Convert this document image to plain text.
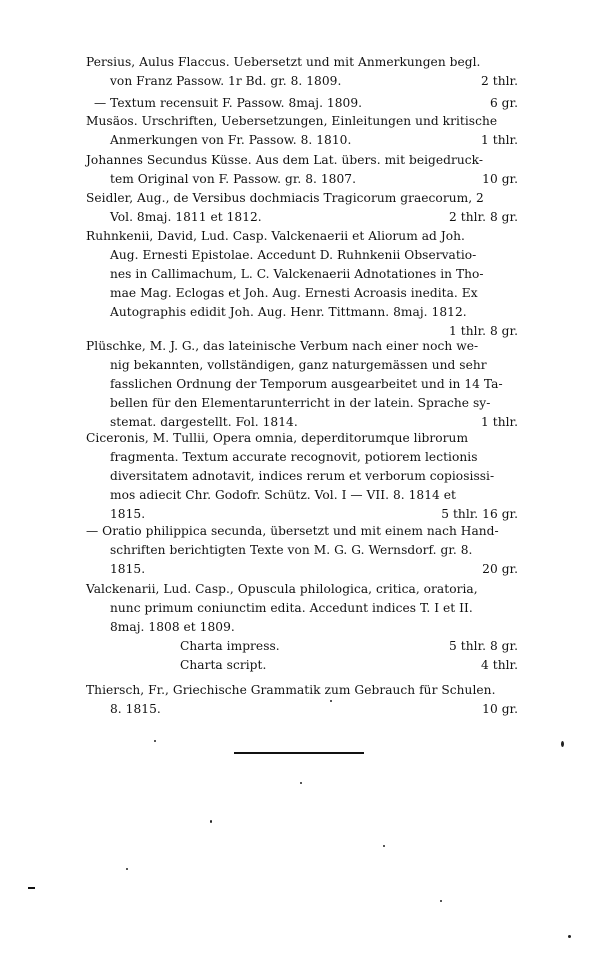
Persius, Aulus Flaccus. Uebersetzt und mit Anmerkungen begl.
von Franz Passow. 1r Bd. gr. 8. 1809.	2 thlr.
— Textum recensuit F. Passow. 8maj. 1809.	6 gr.
Musäos. Urschriften, Uebersetzungen, Einleitungen und kritische
Anmerkungen von Fr. Passow. 8. 1810.	1 thlr.
Johannes Secundus Küsse. Aus dem Lat. übers. mit beigedruck-
tem Original von F. Passow. gr. 8. 1807.	10 gr.
Seidler, Aug., de Versibus dochmiacis Tragicorum graecorum, 2
Vol. 8maj. 1811 et 1812.	2 thlr. 8 gr.
Ruhnkenii, David, Lud. Casp. Valckenaerii et Aliorum ad Joh.
Aug. Ernesti Epistolae. Accedunt D. Ruhnkenii Observatio-
nes in Callimachum, L. C. Valckenaerii Adnotationes in Tho-
mae Mag. Eclogas et Joh. Aug. Ernesti Acroasis inedita. Ex
Autographis edidit Joh. Aug. Henr. Tittmann. 8maj. 1812.
1 thlr. 8 gr.
Plüschke, M. J. G., das lateinische Verbum nach einer noch we-
nig bekannten, vollständigen, ganz naturgemässen und sehr
fasslichen Ordnung der Temporum ausgearbeitet und in 14 Ta-
bellen für den Elementarunterricht in der latein. Sprache sy-
stemat. dargestellt. Fol. 1814.	1 thlr.
Ciceronis, M. Tullii, Opera omnia, deperditorumque librorum
fragmenta. Textum accurate recognovit, potiorem lectionis
diversitatem adnotavit, indices rerum et verborum copiosissi-
mos adiecit Chr. Godofr. Schütz. Vol. I — VII. 8. 1814 et
1815.	5 thlr. 16 gr.
— Oratio philippica secunda, übersetzt und mit einem nach Hand-
schriften berichtigten Texte von M. G. G. Wernsdorf. gr. 8.
1815.	20 gr.
Valckenarii, Lud. Casp., Opuscula philologica, critica, oratoria,
nunc primum coniunctim edita. Accedunt indices T. I et II.
8maj. 1808 et 1809.
Charta impress.	5 thlr. 8 gr.
Charta script.	4 thlr.
Thiersch, Fr., Griechische Grammatik zum Gebrauch für Schulen.
8. 1815.	10 gr.
